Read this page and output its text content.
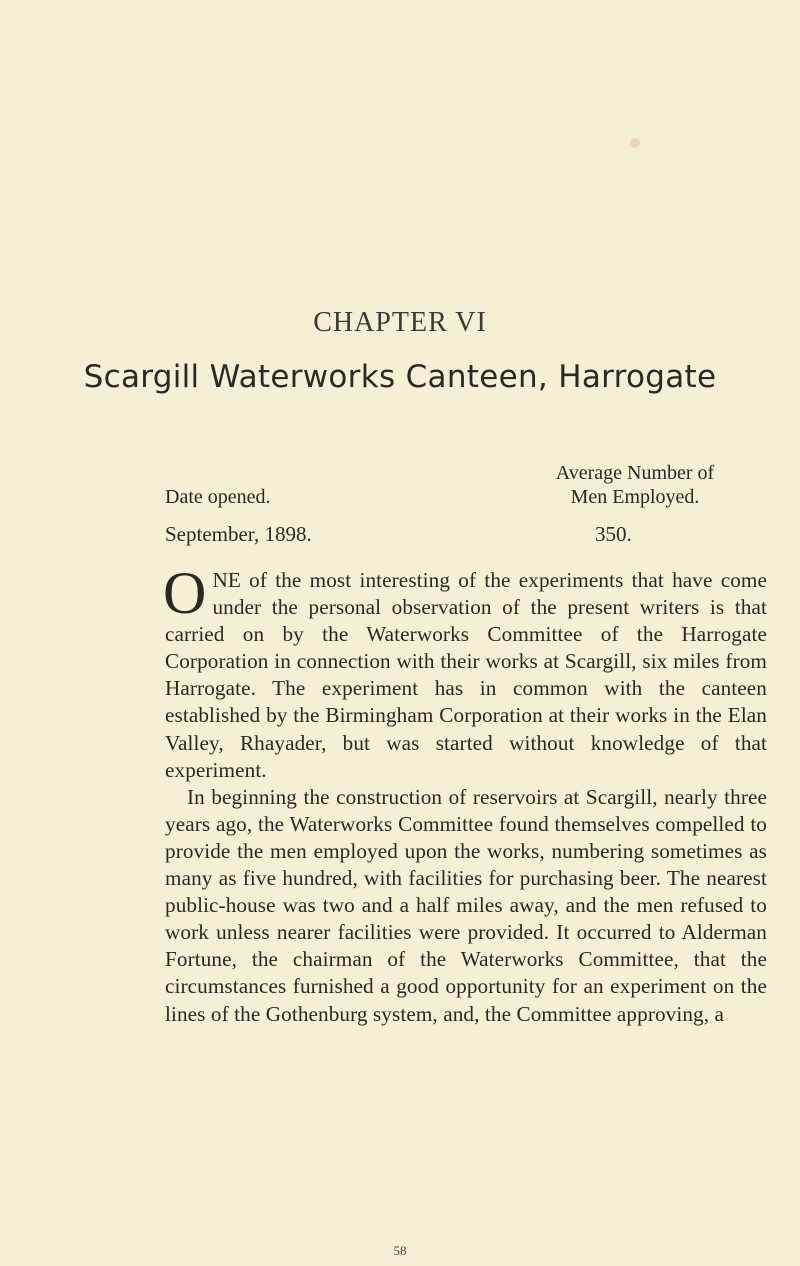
CHAPTER VI
Scargill Waterworks Canteen, Harrogate
Average Number of
Date opened.	Men Employed.
September, 1898.	350.

ONE of the most interesting of the experiments that have come under the personal observation of the present writers is that carried on by the Waterworks Committee of the Harrogate Corporation in connection with their works at Scargill, six miles from Harrogate. The experiment has in common with the canteen established by the Birmingham Corporation at their works in the Elan Valley, Rhayader, but was started without knowledge of that experiment.

In beginning the construction of reservoirs at Scargill, nearly three years ago, the Waterworks Committee found themselves compelled to provide the men employed upon the works, numbering sometimes as many as five hundred, with facilities for purchasing beer. The nearest public-house was two and a half miles away, and the men refused to work unless nearer facilities were provided. It occurred to Alderman Fortune, the chairman of the Waterworks Committee, that the circumstances furnished a good opportunity for an experiment on the lines of the Gothenburg system, and, the Committee approving, a

58
